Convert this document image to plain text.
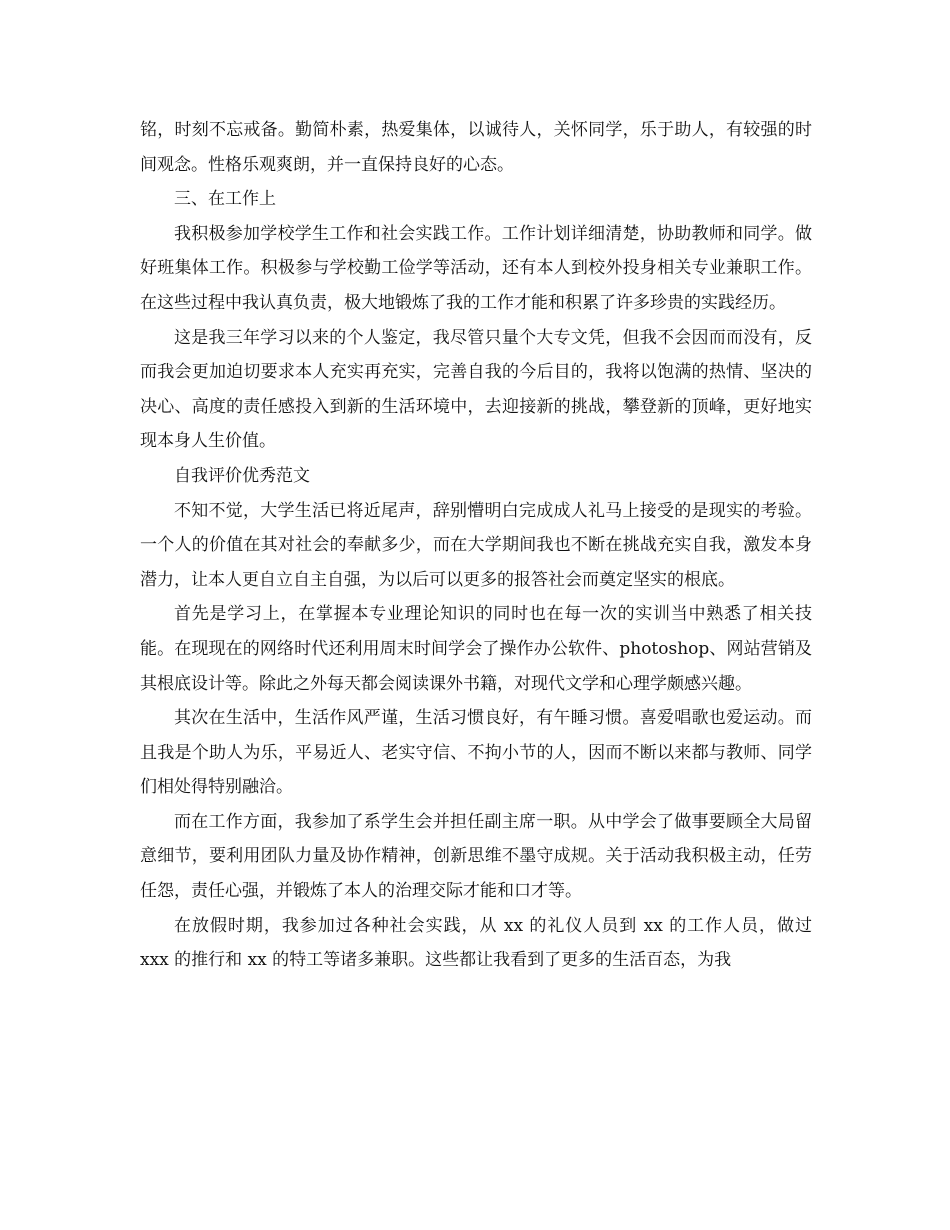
铭，时刻不忘戒备。勤简朴素，热爱集体，以诚待人，关怀同学，乐于助人，有较强的时间观念。性格乐观爽朗，并一直保持良好的心态。

三、在工作上

我积极参加学校学生工作和社会实践工作。工作计划详细清楚，协助教师和同学。做好班集体工作。积极参与学校勤工俭学等活动，还有本人到校外投身相关专业兼职工作。在这些过程中我认真负责，极大地锻炼了我的工作才能和积累了许多珍贵的实践经历。

这是我三年学习以来的个人鉴定，我尽管只量个大专文凭，但我不会因而而没有，反而我会更加迫切要求本人充实再充实，完善自我的今后目的，我将以饱满的热情、坚决的决心、高度的责任感投入到新的生活环境中，去迎接新的挑战，攀登新的顶峰，更好地实现本身人生价值。

自我评价优秀范文

不知不觉，大学生活已将近尾声，辞别懵明白完成成人礼马上接受的是现实的考验。一个人的价值在其对社会的奉献多少，而在大学期间我也不断在挑战充实自我，激发本身潜力，让本人更自立自主自强，为以后可以更多的报答社会而奠定坚实的根底。

首先是学习上，在掌握本专业理论知识的同时也在每一次的实训当中熟悉了相关技能。在现现在的网络时代还利用周末时间学会了操作办公软件、photoshop、网站营销及其根底设计等。除此之外每天都会阅读课外书籍，对现代文学和心理学颇感兴趣。

其次在生活中，生活作风严谨，生活习惯良好，有午睡习惯。喜爱唱歌也爱运动。而且我是个助人为乐，平易近人、老实守信、不拘小节的人，因而不断以来都与教师、同学们相处得特别融洽。

而在工作方面，我参加了系学生会并担任副主席一职。从中学会了做事要顾全大局留意细节，要利用团队力量及协作精神，创新思维不墨守成规。关于活动我积极主动，任劳任怨，责任心强，并锻炼了本人的治理交际才能和口才等。

在放假时期，我参加过各种社会实践，从 xx 的礼仪人员到 xx 的工作人员，做过 xxx 的推行和 xx 的特工等诸多兼职。这些都让我看到了更多的生活百态，为我
